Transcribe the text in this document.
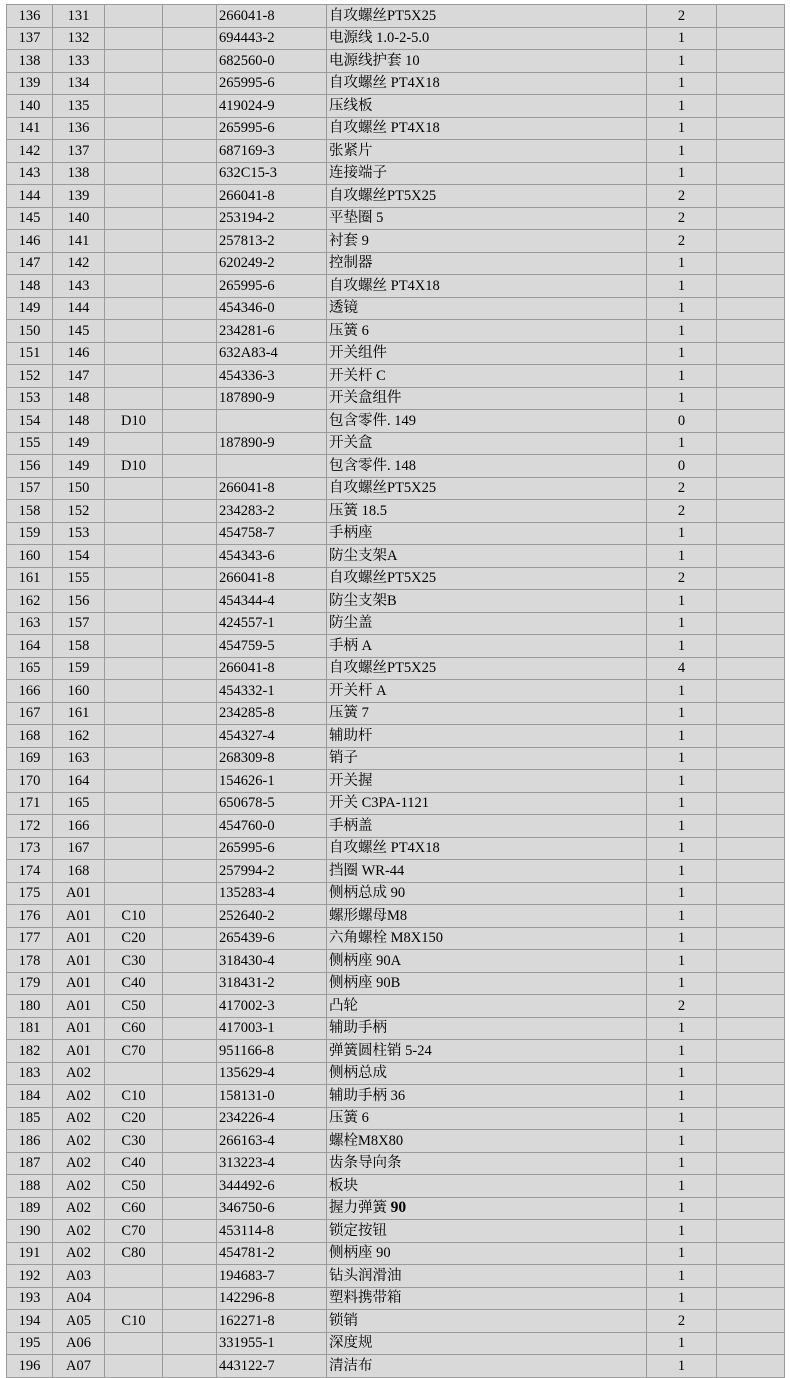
136	131			266041-8	自攻螺丝PT5X25	2	
137	132			694443-2	电源线 1.0-2-5.0	1	
138	133			682560-0	电源线护套 10	1	
139	134			265995-6	自攻螺丝 PT4X18	1	
140	135			419024-9	压线板	1	
141	136			265995-6	自攻螺丝 PT4X18	1	
142	137			687169-3	张紧片	1	
143	138			632C15-3	连接端子	1	
144	139			266041-8	自攻螺丝PT5X25	2	
145	140			253194-2	平垫圈 5	2	
146	141			257813-2	衬套 9	2	
147	142			620249-2	控制器	1	
148	143			265995-6	自攻螺丝 PT4X18	1	
149	144			454346-0	透镜	1	
150	145			234281-6	压簧 6	1	
151	146			632A83-4	开关组件	1	
152	147			454336-3	开关杆 C	1	
153	148			187890-9	开关盒组件	1	
154	148	D10			包含零件. 149	0	
155	149			187890-9	开关盒	1	
156	149	D10			包含零件. 148	0	
157	150			266041-8	自攻螺丝PT5X25	2	
158	152			234283-2	压簧 18.5	2	
159	153			454758-7	手柄座	1	
160	154			454343-6	防尘支架A	1	
161	155			266041-8	自攻螺丝PT5X25	2	
162	156			454344-4	防尘支架B	1	
163	157			424557-1	防尘盖	1	
164	158			454759-5	手柄 A	1	
165	159			266041-8	自攻螺丝PT5X25	4	
166	160			454332-1	开关杆 A	1	
167	161			234285-8	压簧 7	1	
168	162			454327-4	辅助杆	1	
169	163			268309-8	销子	1	
170	164			154626-1	开关握	1	
171	165			650678-5	开关 C3PA-1121	1	
172	166			454760-0	手柄盖	1	
173	167			265995-6	自攻螺丝 PT4X18	1	
174	168			257994-2	挡圈 WR-44	1	
175	A01			135283-4	侧柄总成 90	1	
176	A01	C10		252640-2	螺形螺母M8	1	
177	A01	C20		265439-6	六角螺栓 M8X150	1	
178	A01	C30		318430-4	侧柄座 90A	1	
179	A01	C40		318431-2	侧柄座 90B	1	
180	A01	C50		417002-3	凸轮	2	
181	A01	C60		417003-1	辅助手柄	1	
182	A01	C70		951166-8	弹簧圆柱销 5-24	1	
183	A02			135629-4	侧柄总成	1	
184	A02	C10		158131-0	辅助手柄 36	1	
185	A02	C20		234226-4	压簧 6	1	
186	A02	C30		266163-4	螺栓M8X80	1	
187	A02	C40		313223-4	齿条导向条	1	
188	A02	C50		344492-6	板块	1	
189	A02	C60		346750-6	握力弹簧 90	1	
190	A02	C70		453114-8	锁定按钮	1	
191	A02	C80		454781-2	侧柄座 90	1	
192	A03			194683-7	钻头润滑油	1	
193	A04			142296-8	塑料携带箱	1	
194	A05	C10		162271-8	锁销	2	
195	A06			331955-1	深度规	1	
196	A07			443122-7	清洁布	1	
